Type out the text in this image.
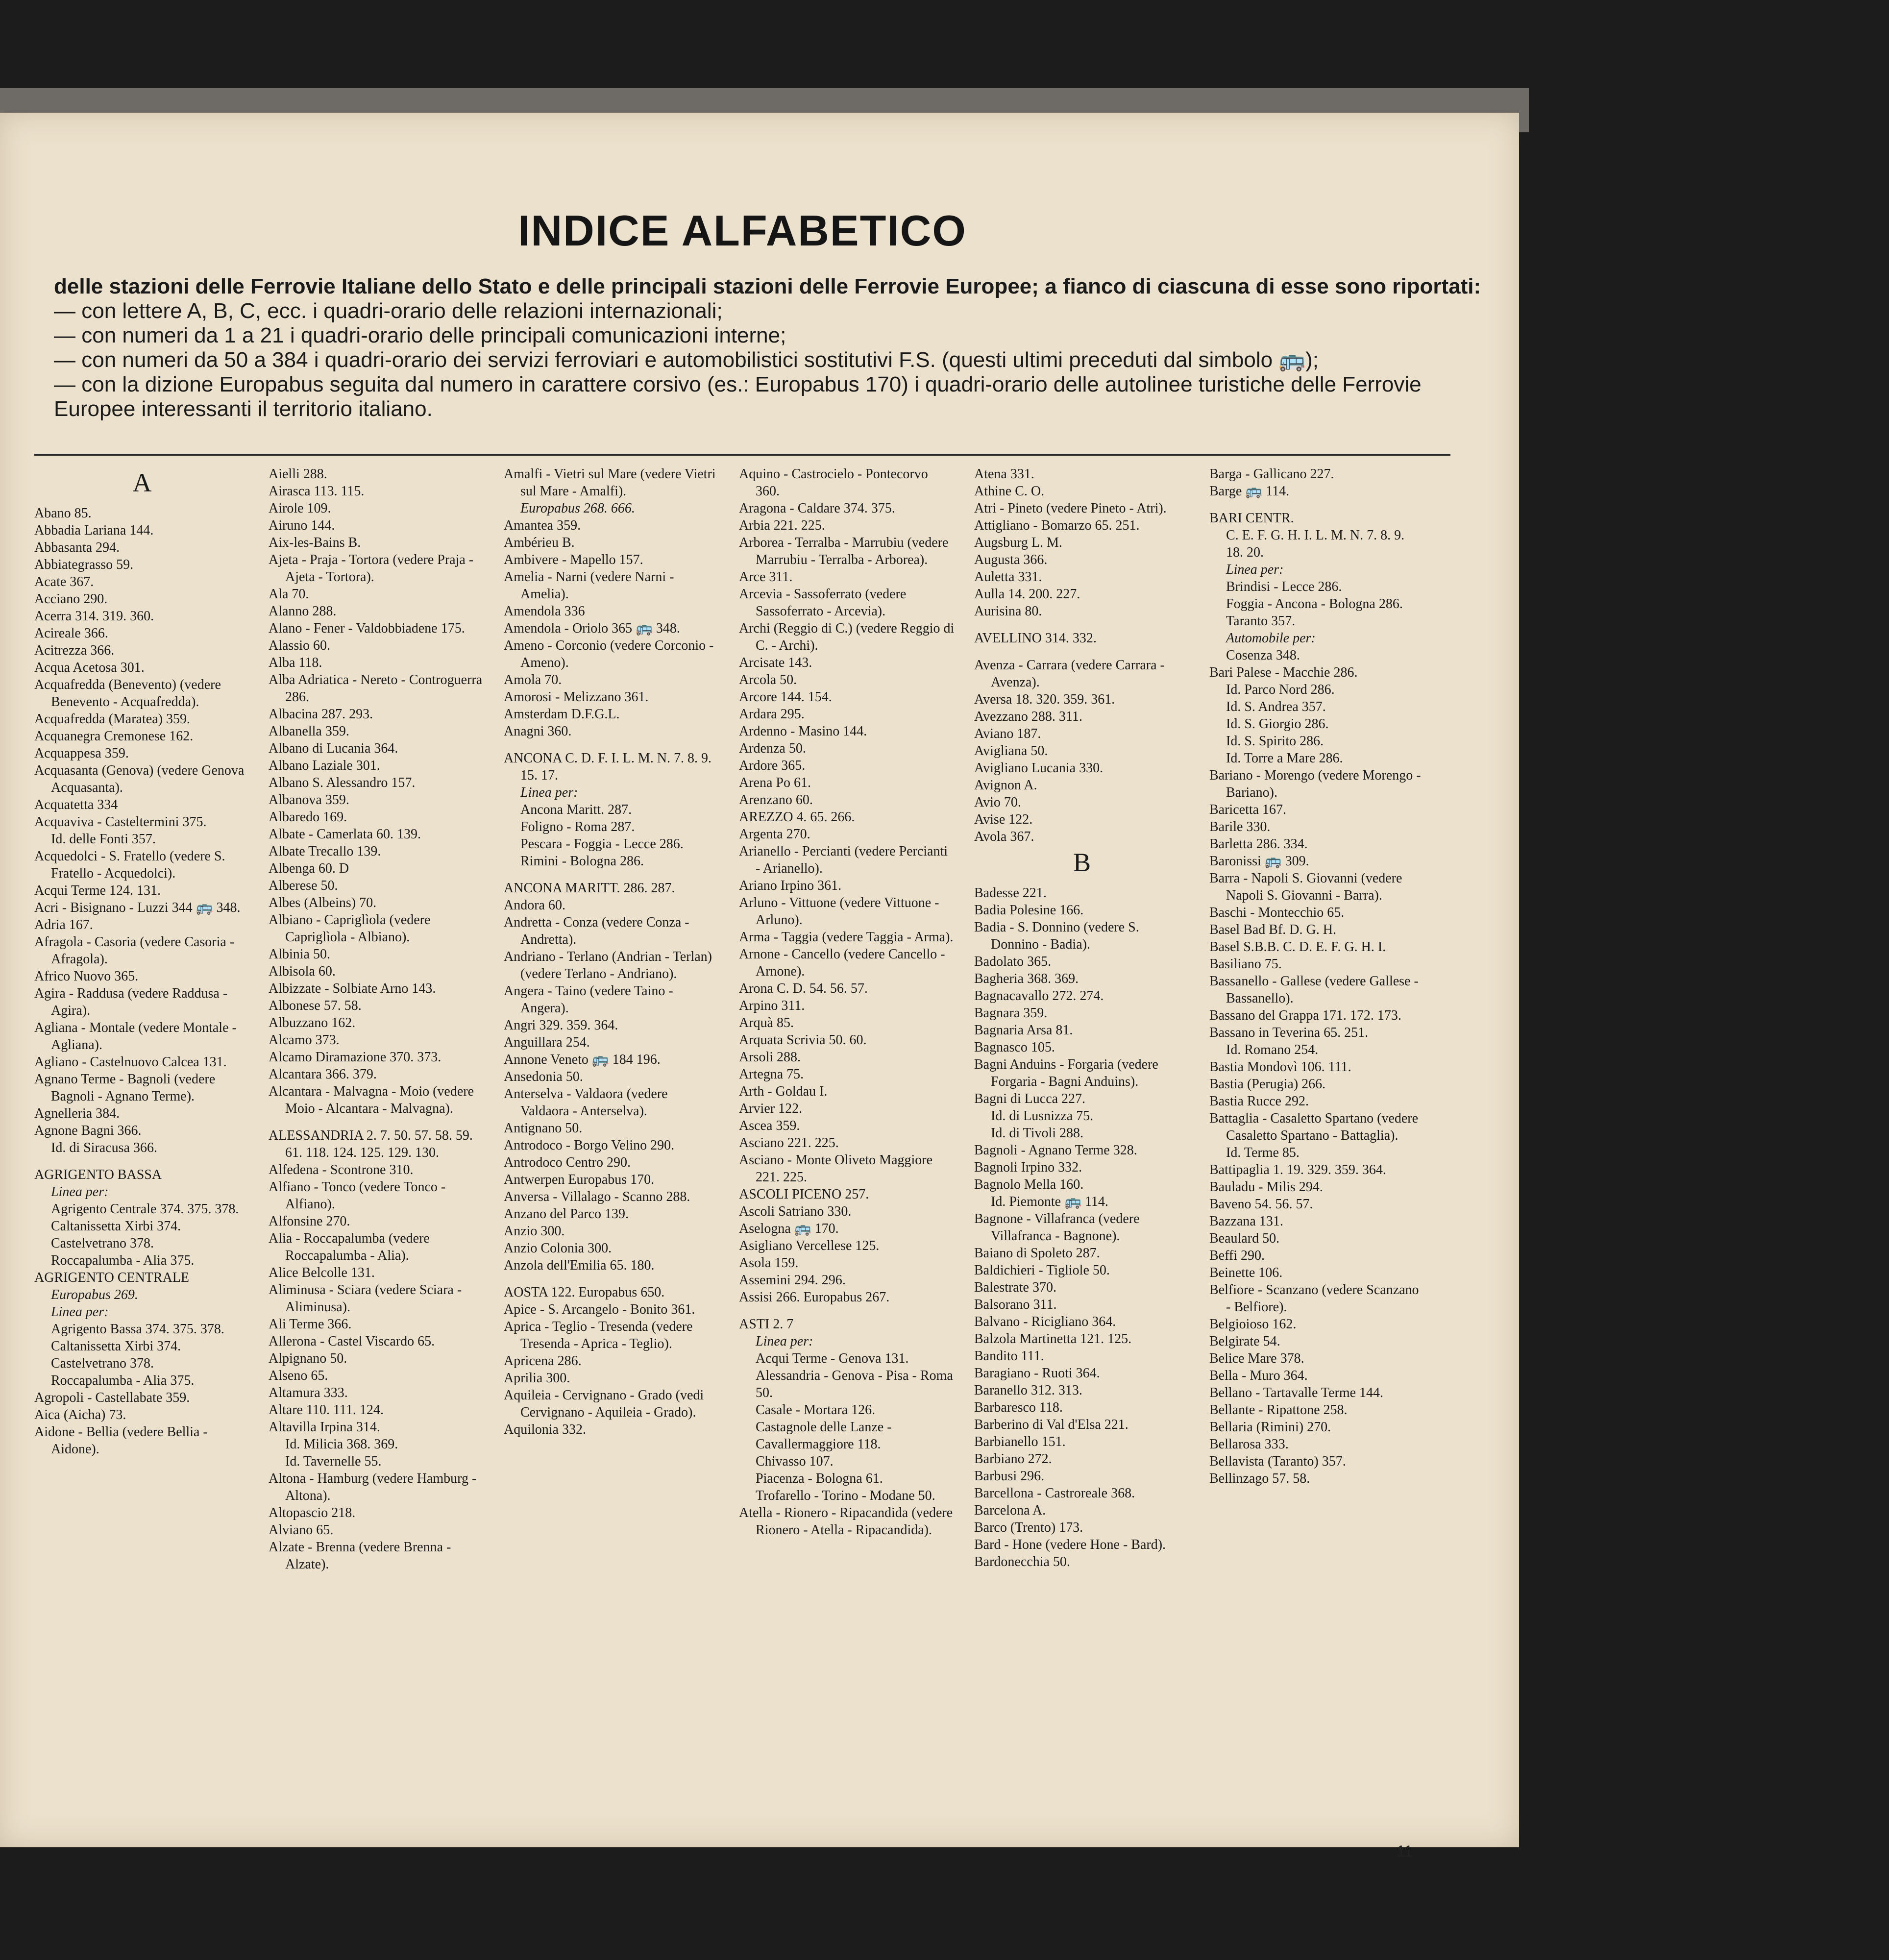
INDICE ALFABETICO
delle stazioni delle Ferrovie Italiane dello Stato e delle principali stazioni delle Ferrovie Europee; a fianco di ciascuna di esse sono riportati:
— con lettere A, B, C, ecc. i quadri-orario delle relazioni internazionali;
— con numeri da 1 a 21 i quadri-orario delle principali comunicazioni interne;
— con numeri da 50 a 384 i quadri-orario dei servizi ferroviari e automobilistici sostitutivi F.S. (questi ultimi preceduti dal simbolo 🚌);
— con la dizione Europabus seguita dal numero in carattere corsivo (es.: Europabus 170) i quadri-orario delle autolinee turistiche delle Ferrovie Europee interessanti il territorio italiano.
A
Abano 85.
Abbadia Lariana 144.
Abbasanta 294.
Abbiategrasso 59.
Acate 367.
Acciano 290.
Acerra 314. 319. 360.
Acireale 366.
Acitrezza 366.
Acqua Acetosa 301.
Acquafredda (Benevento) (vedere Benevento - Acquafredda).
Acquafredda (Maratea) 359.
Acquanegra Cremonese 162.
Acquappesa 359.
Acquasanta (Genova) (vedere Genova Acquasanta).
Acquatetta 334
Acquaviva - Casteltermini 375.
Id. delle Fonti 357.
Acquedolci - S. Fratello (vedere S. Fratello - Acquedolci).
Acqui Terme 124. 131.
Acri - Bisignano - Luzzi 344 🚌 348.
Adria 167.
Afragola - Casoria (vedere Casoria - Afragola).
Africo Nuovo 365.
Agira - Raddusa (vedere Raddusa - Agira).
Agliana - Montale (vedere Montale - Agliana).
Agliano - Castelnuovo Calcea 131.
Agnano Terme - Bagnoli (vedere Bagnoli - Agnano Terme).
Agnelleria 384.
Agnone Bagni 366.
Id. di Siracusa 366.
AGRIGENTO BASSA
Linea per:
Agrigento Centrale 374. 375. 378.
Caltanissetta Xirbi 374.
Castelvetrano 378.
Roccapalumba - Alia 375.
AGRIGENTO CENTRALE
Europabus 269.
Linea per:
Agrigento Bassa 374. 375. 378.
Caltanissetta Xirbi 374.
Castelvetrano 378.
Roccapalumba - Alia 375.
Agropoli - Castellabate 359.
Aica (Aicha) 73.
Aidone - Bellia (vedere Bellia - Aidone).
Aielli 288.
Airasca 113. 115.
Airole 109.
Airuno 144.
Aix-les-Bains B.
Ajeta - Praja - Tortora (vedere Praja - Ajeta - Tortora).
Ala 70.
Alanno 288.
Alano - Fener - Valdobbiadene 175.
Alassio 60.
Alba 118.
Alba Adriatica - Nereto - Controguerra 286.
Albacina 287. 293.
Albanella 359.
Albano di Lucania 364.
Albano Laziale 301.
Albano S. Alessandro 157.
Albanova 359.
Albaredo 169.
Albate - Camerlata 60. 139.
Albate Trecallo 139.
Albenga 60. D
Alberese 50.
Albes (Albeins) 70.
Albiano - Capriglìola (vedere Capriglìola - Albiano).
Albinia 50.
Albisola 60.
Albizzate - Solbiate Arno 143.
Albonese 57. 58.
Albuzzano 162.
Alcamo 373.
Alcamo Diramazione 370. 373.
Alcantara 366. 379.
Alcantara - Malvagna - Moio (vedere Moio - Alcantara - Malvagna).
ALESSANDRIA 2. 7. 50. 57. 58. 59. 61. 118. 124. 125. 129. 130.
Alfedena - Scontrone 310.
Alfiano - Tonco (vedere Tonco - Alfiano).
Alfonsine 270.
Alia - Roccapalumba (vedere Roccapalumba - Alia).
Alice Belcolle 131.
Aliminusa - Sciara (vedere Sciara - Aliminusa).
Ali Terme 366.
Allerona - Castel Viscardo 65.
Alpignano 50.
Alseno 65.
Altamura 333.
Altare 110. 111. 124.
Altavilla Irpina 314.
Id. Milicia 368. 369.
Id. Tavernelle 55.
Altona - Hamburg (vedere Hamburg - Altona).
Altopascio 218.
Alviano 65.
Alzate - Brenna (vedere Brenna - Alzate).
Amalfi - Vietri sul Mare (vedere Vietri sul Mare - Amalfi).
Europabus 268. 666.
Amantea 359.
Ambérieu B.
Ambivere - Mapello 157.
Amelia - Narni (vedere Narni - Amelia).
Amendola 336
Amendola - Oriolo 365 🚌 348.
Ameno - Corconio (vedere Corconio - Ameno).
Amola 70.
Amorosi - Melizzano 361.
Amsterdam D.F.G.L.
Anagni 360.
ANCONA C. D. F. I. L. M. N. 7. 8. 9. 15. 17.
Linea per:
Ancona Maritt. 287.
Foligno - Roma 287.
Pescara - Foggia - Lecce 286.
Rimini - Bologna 286.
ANCONA MARITT. 286. 287.
Andora 60.
Andretta - Conza (vedere Conza - Andretta).
Andriano - Terlano (Andrian - Terlan) (vedere Terlano - Andriano).
Angera - Taino (vedere Taino - Angera).
Angri 329. 359. 364.
Anguillara 254.
Annone Veneto 🚌 184 196.
Ansedonia 50.
Anterselva - Valdaora (vedere Valdaora - Anterselva).
Antignano 50.
Antrodoco - Borgo Velino 290.
Antrodoco Centro 290.
Antwerpen Europabus 170.
Anversa - Villalago - Scanno 288.
Anzano del Parco 139.
Anzio 300.
Anzio Colonia 300.
Anzola dell'Emilia 65. 180.
AOSTA 122. Europabus 650.
Apice - S. Arcangelo - Bonito 361.
Aprica - Teglio - Tresenda (vedere Tresenda - Aprica - Teglio).
Apricena 286.
Aprilia 300.
Aquileia - Cervignano - Grado (vedi Cervignano - Aquileia - Grado).
Aquilonia 332.
Aquino - Castrocielo - Pontecorvo 360.
Aragona - Caldare 374. 375.
Arbia 221. 225.
Arborea - Terralba - Marrubiu (vedere Marrubiu - Terralba - Arborea).
Arce 311.
Arcevia - Sassoferrato (vedere Sassoferrato - Arcevia).
Archi (Reggio di C.) (vedere Reggio di C. - Archi).
Arcisate 143.
Arcola 50.
Arcore 144. 154.
Ardara 295.
Ardenno - Masino 144.
Ardenza 50.
Ardore 365.
Arena Po 61.
Arenzano 60.
AREZZO 4. 65. 266.
Argenta 270.
Arianello - Percianti (vedere Percianti - Arianello).
Ariano Irpino 361.
Arluno - Vittuone (vedere Vittuone - Arluno).
Arma - Taggia (vedere Taggia - Arma).
Arnone - Cancello (vedere Cancello - Arnone).
Arona C. D. 54. 56. 57.
Arpino 311.
Arquà 85.
Arquata Scrivia 50. 60.
Arsoli 288.
Artegna 75.
Arth - Goldau I.
Arvier 122.
Ascea 359.
Asciano 221. 225.
Asciano - Monte Oliveto Maggiore 221. 225.
ASCOLI PICENO 257.
Ascoli Satriano 330.
Aselogna 🚌 170.
Asigliano Vercellese 125.
Asola 159.
Assemini 294. 296.
Assisi 266. Europabus 267.
ASTI 2. 7
Linea per:
Acqui Terme - Genova 131.
Alessandria - Genova - Pisa - Roma 50.
Casale - Mortara 126.
Castagnole delle Lanze - Cavallermaggiore 118.
Chivasso 107.
Piacenza - Bologna 61.
Trofarello - Torino - Modane 50.
Atella - Rionero - Ripacandida (vedere Rionero - Atella - Ripacandida).
Atena 331.
Athine C. O.
Atri - Pineto (vedere Pineto - Atri).
Attigliano - Bomarzo 65. 251.
Augsburg L. M.
Augusta 366.
Auletta 331.
Aulla 14. 200. 227.
Aurisina 80.
AVELLINO 314. 332.
Avenza - Carrara (vedere Carrara - Avenza).
Aversa 18. 320. 359. 361.
Avezzano 288. 311.
Aviano 187.
Avigliana 50.
Avigliano Lucania 330.
Avignon A.
Avio 70.
Avise 122.
Avola 367.
B
Badesse 221.
Badia Polesine 166.
Badia - S. Donnino (vedere S. Donnino - Badia).
Badolato 365.
Bagheria 368. 369.
Bagnacavallo 272. 274.
Bagnara 359.
Bagnaria Arsa 81.
Bagnasco 105.
Bagni Anduins - Forgaria (vedere Forgaria - Bagni Anduins).
Bagni di Lucca 227.
Id. di Lusnizza 75.
Id. di Tivoli 288.
Bagnoli - Agnano Terme 328.
Bagnoli Irpino 332.
Bagnolo Mella 160.
Id. Piemonte 🚌 114.
Bagnone - Villafranca (vedere Villafranca - Bagnone).
Baiano di Spoleto 287.
Baldichieri - Tigliole 50.
Balestrate 370.
Balsorano 311.
Balvano - Ricigliano 364.
Balzola Martinetta 121. 125.
Bandito 111.
Baragiano - Ruoti 364.
Baranello 312. 313.
Barbaresco 118.
Barberino di Val d'Elsa 221.
Barbianello 151.
Barbiano 272.
Barbusi 296.
Barcellona - Castroreale 368.
Barcelona A.
Barco (Trento) 173.
Bard - Hone (vedere Hone - Bard).
Bardonecchia 50.
Barga - Gallicano 227.
Barge 🚌 114.
BARI CENTR.
C. E. F. G. H. I. L. M. N. 7. 8. 9. 18. 20.
Linea per:
Brindisi - Lecce 286.
Foggia - Ancona - Bologna 286.
Taranto 357.
Automobile per:
Cosenza 348.
Bari Palese - Macchie 286.
Id. Parco Nord 286.
Id. S. Andrea 357.
Id. S. Giorgio 286.
Id. S. Spirito 286.
Id. Torre a Mare 286.
Bariano - Morengo (vedere Morengo - Bariano).
Baricetta 167.
Barile 330.
Barletta 286. 334.
Baronissi 🚌 309.
Barra - Napoli S. Giovanni (vedere Napoli S. Giovanni - Barra).
Baschi - Montecchio 65.
Basel Bad Bf. D. G. H.
Basel S.B.B. C. D. E. F. G. H. I.
Basiliano 75.
Bassanello - Gallese (vedere Gallese - Bassanello).
Bassano del Grappa 171. 172. 173.
Bassano in Teverina 65. 251.
Id. Romano 254.
Bastia Mondovì 106. 111.
Bastia (Perugia) 266.
Bastia Rucce 292.
Battaglia - Casaletto Spartano (vedere Casaletto Spartano - Battaglia).
Id. Terme 85.
Battipaglia 1. 19. 329. 359. 364.
Bauladu - Milis 294.
Baveno 54. 56. 57.
Bazzana 131.
Beaulard 50.
Beffi 290.
Beinette 106.
Belfiore - Scanzano (vedere Scanzano - Belfiore).
Belgioioso 162.
Belgirate 54.
Belice Mare 378.
Bella - Muro 364.
Bellano - Tartavalle Terme 144.
Bellante - Ripattone 258.
Bellaria (Rimini) 270.
Bellarosa 333.
Bellavista (Taranto) 357.
Bellinzago 57. 58.
11
